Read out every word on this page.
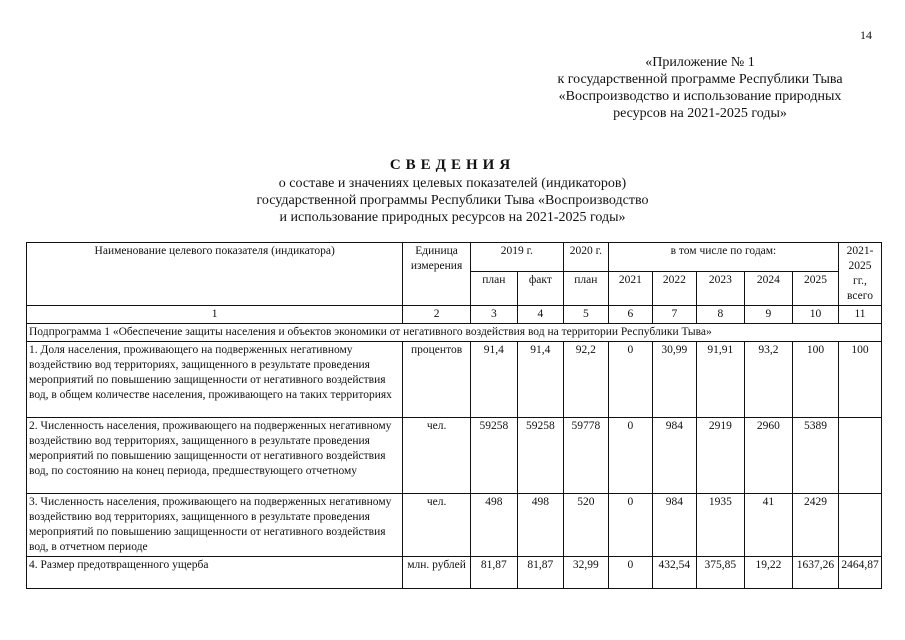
14
«Приложение № 1
к государственной программе Республики Тыва
«Воспроизводство и использование природных
ресурсов на 2021-2025 годы»
СВЕДЕНИЯ
о составе и значениях целевых показателей (индикаторов)
государственной программы Республики Тыва «Воспроизводство
и использование природных ресурсов на 2021-2025 годы»
Наименование целевого показателя (индикатора)	Единица измерения	2019 г.		2020 г.	в том числе по годам:					2021-2025 гг., всего
		план	факт	план	2021	2022	2023	2024	2025	
1	2	3	4	5	6	7	8	9	10	11
Подпрограмма 1 «Обеспечение защиты населения и объектов экономики от негативного воздействия вод на территории Республики Тыва»										
1. Доля населения, проживающего на подверженных негативному воздействию вод территориях, защищенного в результате проведения мероприятий по повышению защищенности от негативного воздействия вод, в общем количестве населения, проживающего на таких территориях	процентов	91,4	91,4	92,2	0	30,99	91,91	93,2	100	100
2. Численность населения, проживающего на подверженных негативному воздействию вод территориях, защищенного в результате проведения мероприятий по повышению защищенности от негативного воздействия вод, по состоянию на конец периода, предшествующего отчетному	чел.	59258	59258	59778	0	984	2919	2960	5389	
3. Численность населения, проживающего на подверженных негативному воздействию вод территориях, защищенного в результате проведения мероприятий по повышению защищенности от негативного воздействия вод, в отчетном периоде	чел.	498	498	520	0	984	1935	41	2429	
4. Размер предотвращенного ущерба	млн. рублей	81,87	81,87	32,99	0	432,54	375,85	19,22	1637,26	2464,87
